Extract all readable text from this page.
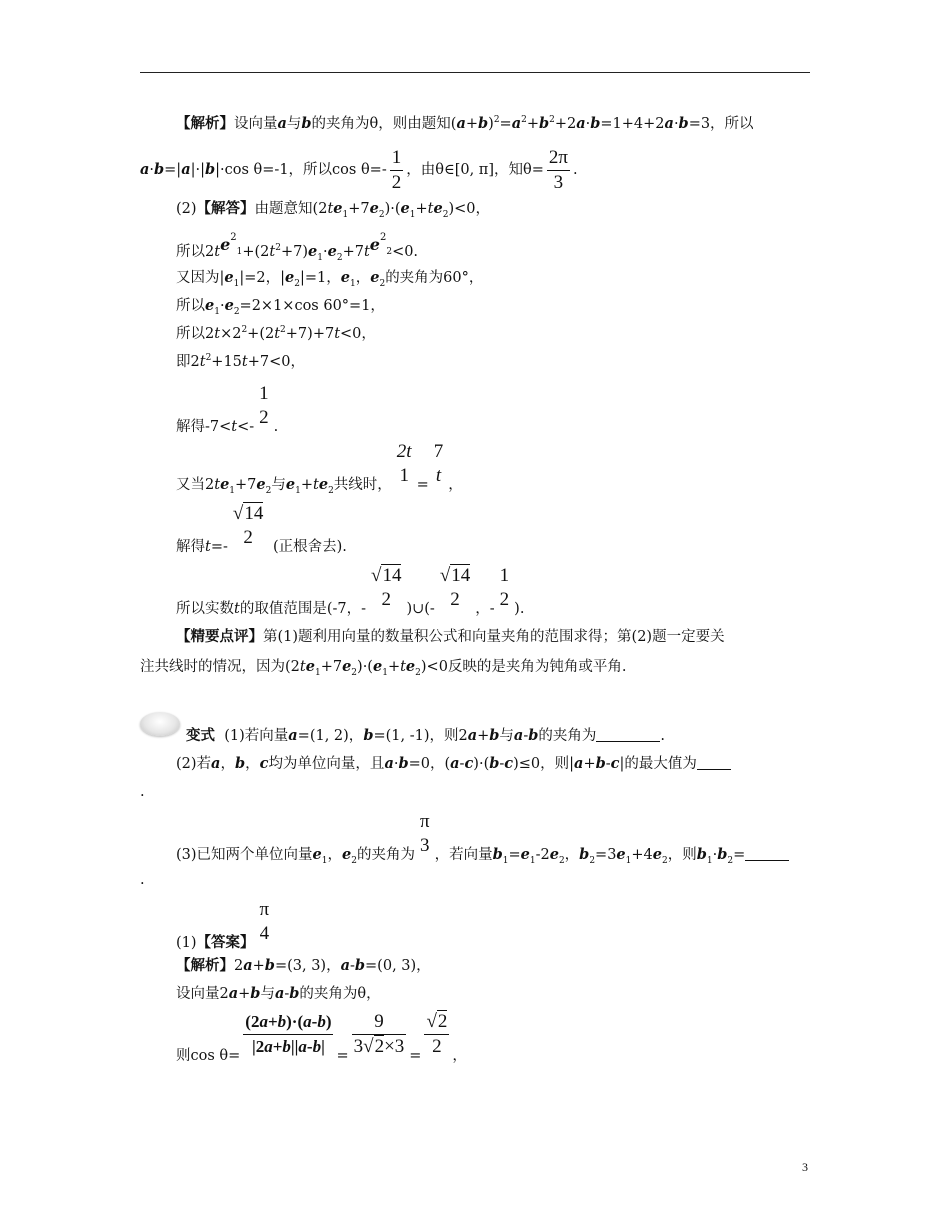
【解析】设向量a与b的夹角为θ，则由题知$(a+b)^2=a^2+b^2+2a\cdot b=1+4+2a\cdot b=3$，所以
a·b=|a|·|b|·cos θ=-1，所以$\cos \theta=- \frac{1}{2}$ ，由θ∈[0, π]，知$\theta= \frac{2\pi}{3}$ .
(2)【解答】由题意知$(2te_1+7e_2)\cdot(e_1+te_2)<0$，
所以$2te^2_1+(2t^2+7)e_1\cdot e_2+7te^2_2<0$.
又因为$|e_1|=2$，$|e_2|=1$，$e_1$，$e_2$的夹角为60°，
所以$e_1\cdot e_2=2\times 1\times\cos$ 60°=1，
所以$2t\times 2^2+(2t^2+7)+7t<0$，
即$2t^2+15t+7<0$，
解得-7<t<-
1
2 .
又当$2te_1+7e_2$与$e_1+te_2$共线时，
2t
1 =
7
t ，
解得t=-
√14
2	(正根舍去).
所以实数t的取值范围是(-7，-
√14
2	)∪(-
√14
2	，-
1
2 ).
【精要点评】第(1)题利用向量的数量积公式和向量夹角的范围求得；第(2)题一定要关
注共线时的情况，因为$(2te_1+7e_2)\cdot(e_1+te_2)<0$反映的是夹角为钝角或平角.
变式 (1)若向量a=(1, 2)，b=(1, -1)，则2a+b与a-b的夹角为	.
(2)若a，b，c均为单位向量，且a·b=0，(a-c)·(b-c)≤0，则|a+b-c|的最大值为
.
(3)已知两个单位向量$e_1$，$e_2$的夹角为
π
3 ，若向量$b_1=e_1-2e_2$，$b_2=3e_1+4e_2$，则$b_1\cdot b_2=$
.
(1)【答案】
π
4
【解析】2a+b=(3, 3)，a-b=(0, 3)，
设向量2a+b与a-b的夹角为θ，
则$\cos \theta= \frac{(2a+b)\cdot(a-b)}{|2a+b||a-b|} = \frac{9}{3√2\times 3} = \frac{√2}{2}$ ，
3
